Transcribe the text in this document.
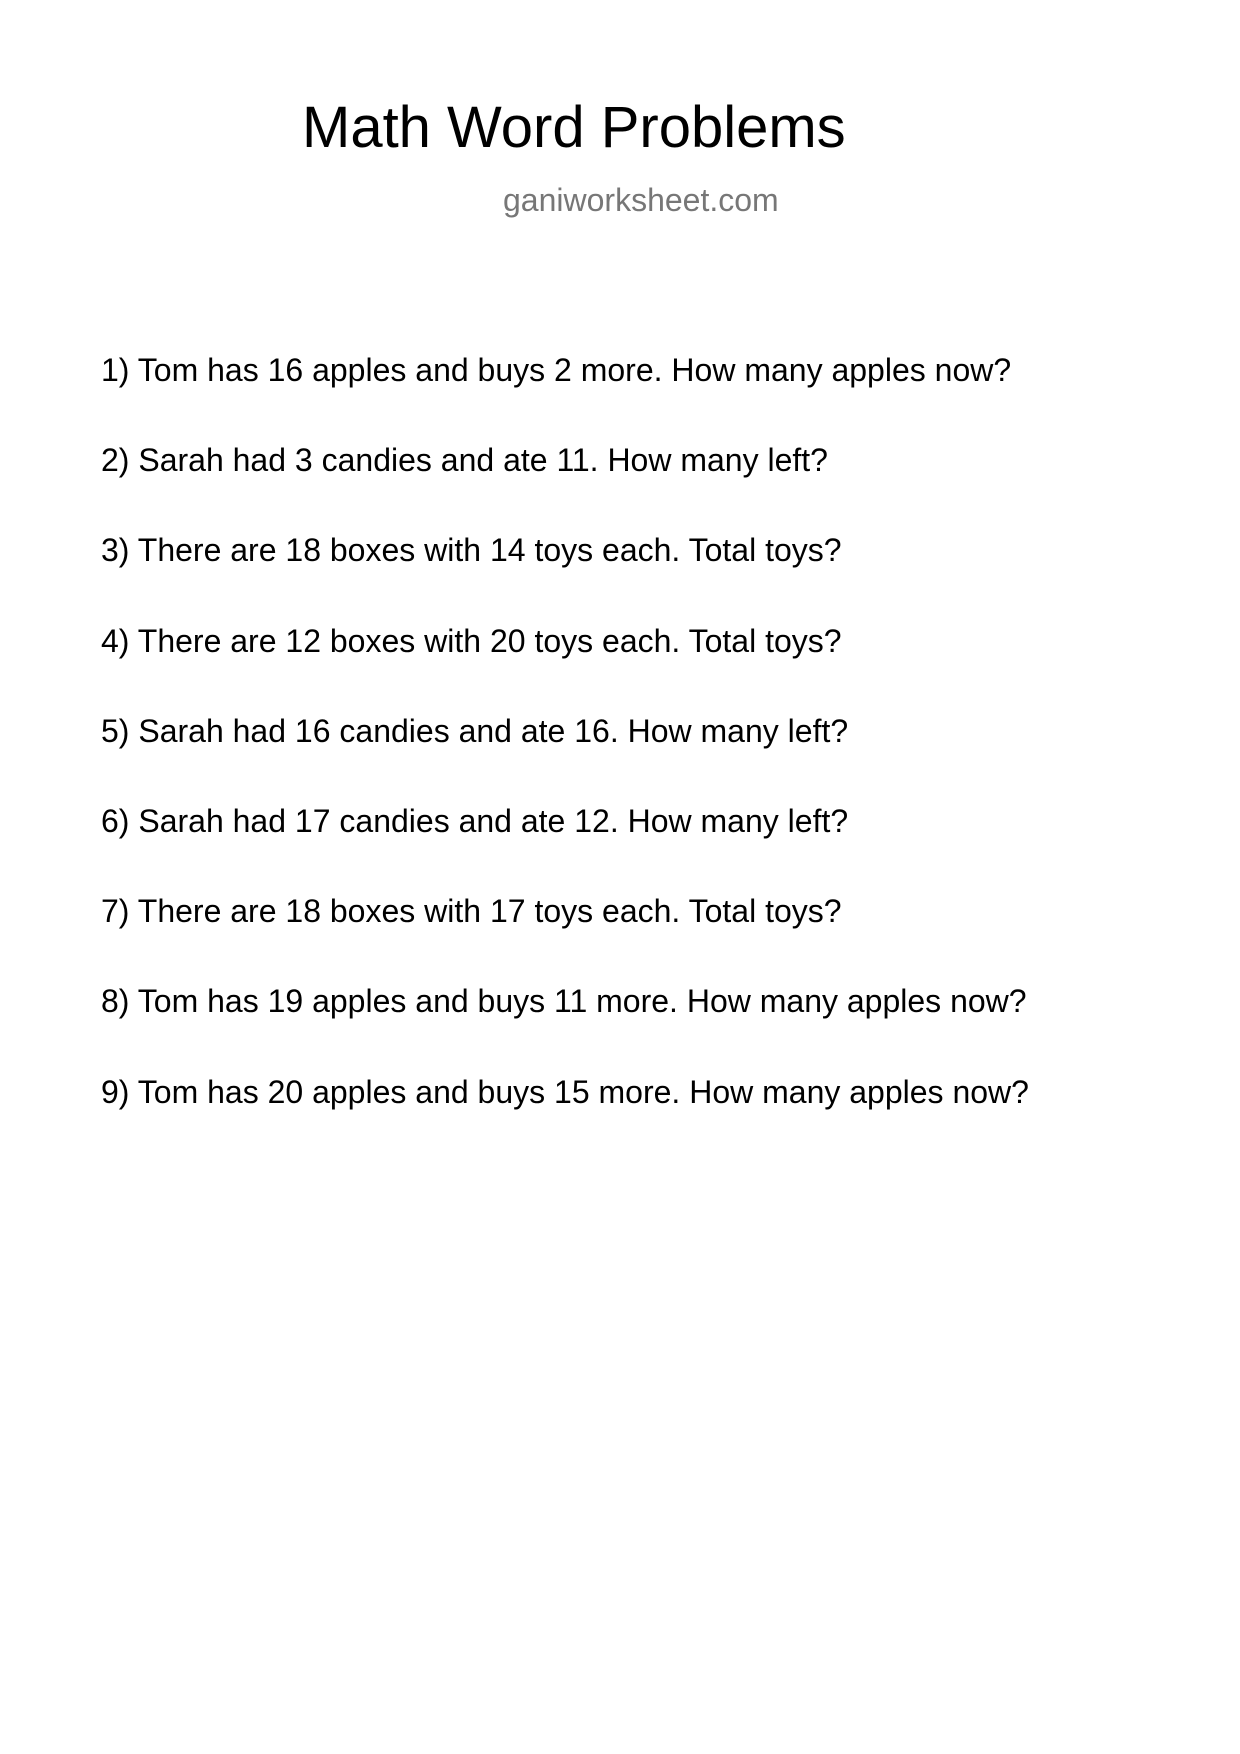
Math Word Problems
ganiworksheet.com
1) Tom has 16 apples and buys 2 more. How many apples now?
2) Sarah had 3 candies and ate 11. How many left?
3) There are 18 boxes with 14 toys each. Total toys?
4) There are 12 boxes with 20 toys each. Total toys?
5) Sarah had 16 candies and ate 16. How many left?
6) Sarah had 17 candies and ate 12. How many left?
7) There are 18 boxes with 17 toys each. Total toys?
8) Tom has 19 apples and buys 11 more. How many apples now?
9) Tom has 20 apples and buys 15 more. How many apples now?
